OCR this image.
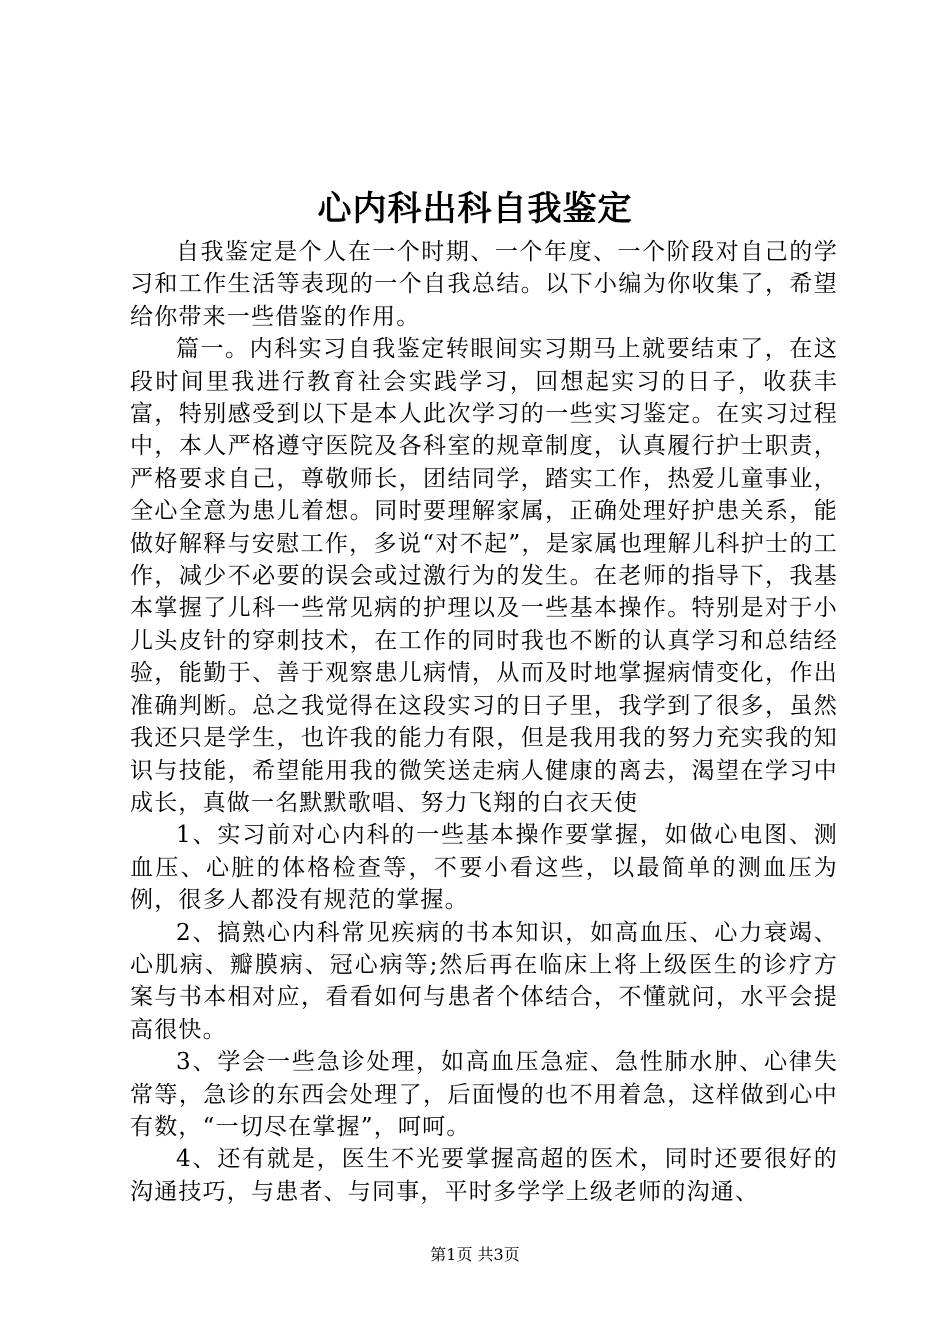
心内科出科自我鉴定

自我鉴定是个人在一个时期、一个年度、一个阶段对自己的学习和工作生活等表现的一个自我总结。以下小编为你收集了，希望给你带来一些借鉴的作用。

篇一。内科实习自我鉴定转眼间实习期马上就要结束了，在这段时间里我进行教育社会实践学习，回想起实习的日子，收获丰富，特别感受到以下是本人此次学习的一些实习鉴定。在实习过程中，本人严格遵守医院及各科室的规章制度，认真履行护士职责，严格要求自己，尊敬师长，团结同学，踏实工作，热爱儿童事业，全心全意为患儿着想。同时要理解家属，正确处理好护患关系，能做好解释与安慰工作，多说“对不起”，是家属也理解儿科护士的工作，减少不必要的误会或过激行为的发生。在老师的指导下，我基本掌握了儿科一些常见病的护理以及一些基本操作。特别是对于小儿头皮针的穿刺技术，在工作的同时我也不断的认真学习和总结经验，能勤于、善于观察患儿病情，从而及时地掌握病情变化，作出准确判断。总之我觉得在这段实习的日子里，我学到了很多，虽然我还只是学生，也许我的能力有限，但是我用我的努力充实我的知识与技能，希望能用我的微笑送走病人健康的离去，渴望在学习中成长，真做一名默默歌唱、努力飞翔的白衣天使

1、实习前对心内科的一些基本操作要掌握，如做心电图、测血压、心脏的体格检查等，不要小看这些，以最简单的测血压为例，很多人都没有规范的掌握。

2、搞熟心内科常见疾病的书本知识，如高血压、心力衰竭、心肌病、瓣膜病、冠心病等;然后再在临床上将上级医生的诊疗方案与书本相对应，看看如何与患者个体结合，不懂就问，水平会提高很快。

3、学会一些急诊处理，如高血压急症、急性肺水肿、心律失常等，急诊的东西会处理了，后面慢的也不用着急，这样做到心中有数，“一切尽在掌握”，呵呵。

4、还有就是，医生不光要掌握高超的医术，同时还要很好的沟通技巧，与患者、与同事，平时多学学上级老师的沟通、

第1页 共3页
